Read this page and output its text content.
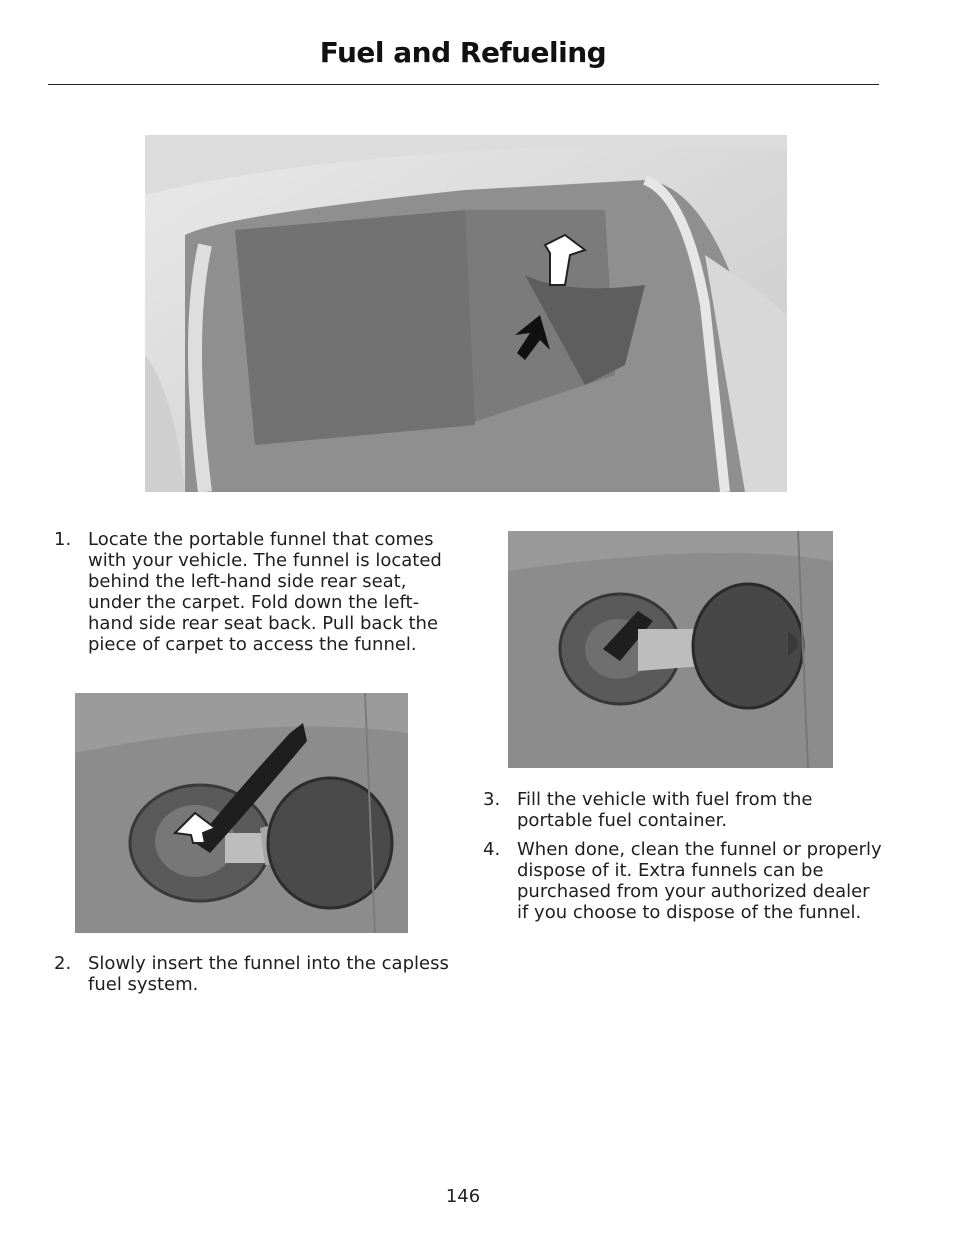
Fuel and Refueling
1. Locate the portable funnel that comes with your vehicle. The funnel is located behind the left-hand side rear seat, under the carpet. Fold down the left-hand side rear seat back. Pull back the piece of carpet to access the funnel.
2. Slowly insert the funnel into the capless fuel system.
3. Fill the vehicle with fuel from the portable fuel container.
4. When done, clean the funnel or properly dispose of it. Extra funnels can be purchased from your authorized dealer if you choose to dispose of the funnel.
146
